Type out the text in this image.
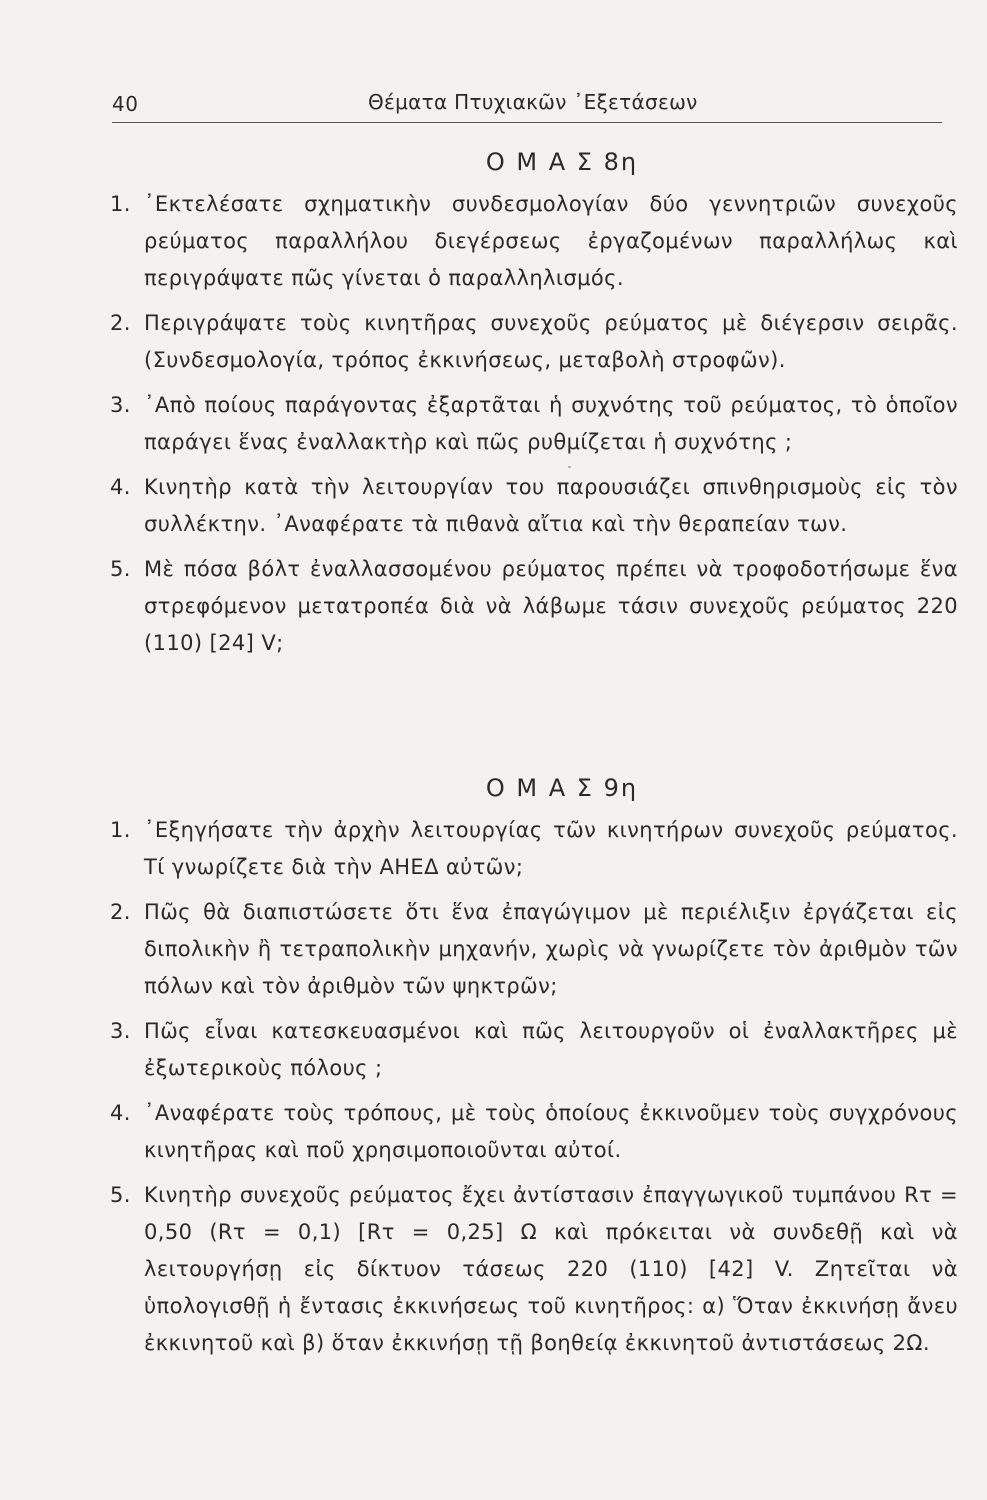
40	Θέματα Πτυχιακῶν ᾿Εξετάσεων
Ο Μ Α Σ 8η
1. ᾿Εκτελέσατε σχηματικὴν συνδεσμολογίαν δύο γεννητριῶν συνεχοῦς ρεύματος παραλλήλου διεγέρσεως ἐργαζομένων παραλλήλως καὶ περιγράψατε πῶς γίνεται ὁ παραλληλισμός.
2. Περιγράψατε τοὺς κινητῆρας συνεχοῦς ρεύματος μὲ διέγερσιν σειρᾶς. (Συνδεσμολογία, τρόπος ἐκκινήσεως, μεταβολὴ στροφῶν).
3. ᾿Απὸ ποίους παράγοντας ἐξαρτᾶται ἡ συχνότης τοῦ ρεύματος, τὸ ὁποῖον παράγει ἕνας ἐναλλακτὴρ καὶ πῶς ρυθμίζεται ἡ συχνότης ;
4. Κινητὴρ κατὰ τὴν λειτουργίαν του παρουσιάζει σπινθηρισμοὺς εἰς τὸν συλλέκτην. ᾿Αναφέρατε τὰ πιθανὰ αἴτια καὶ τὴν θεραπείαν των.
5. Μὲ πόσα βόλτ ἐναλλασσομένου ρεύματος πρέπει νὰ τροφοδοτήσωμε ἕνα στρεφόμενον μετατροπέα διὰ νὰ λάβωμε τάσιν συνεχοῦς ρεύματος 220 (110) [24] V;
Ο Μ Α Σ 9η
1. ᾿Εξηγήσατε τὴν ἀρχὴν λειτουργίας τῶν κινητήρων συνεχοῦς ρεύματος. Τί γνωρίζετε διὰ τὴν ΑΗΕΔ αὐτῶν;
2. Πῶς θὰ διαπιστώσετε ὅτι ἕνα ἐπαγώγιμον μὲ περιέλιξιν ἐργάζεται εἰς διπολικὴν ἢ τετραπολικὴν μηχανήν, χωρὶς νὰ γνωρίζετε τὸν ἀριθμὸν τῶν πόλων καὶ τὸν ἀριθμὸν τῶν ψηκτρῶν;
3. Πῶς εἶναι κατεσκευασμένοι καὶ πῶς λειτουργοῦν οἱ ἐναλλακτῆρες μὲ ἐξωτερικοὺς πόλους ;
4. ᾿Αναφέρατε τοὺς τρόπους, μὲ τοὺς ὁποίους ἐκκινοῦμεν τοὺς συγχρόνους κινητῆρας καὶ ποῦ χρησιμοποιοῦνται αὐτοί.
5. Κινητὴρ συνεχοῦς ρεύματος ἔχει ἀντίστασιν ἐπαγγωγικοῦ τυμπάνου Rτ = 0,50 (Rτ = 0,1) [Rτ = 0,25] Ω καὶ πρόκειται νὰ συνδεθῇ καὶ νὰ λειτουργήσῃ εἰς δίκτυον τάσεως 220 (110) [42] V. Ζητεῖται νὰ ὑπολογισθῇ ἡ ἔντασις ἐκκινήσεως τοῦ κινητῆρος: α) Ὅταν ἐκκινήσῃ ἄνευ ἐκκινητοῦ καὶ β) ὅταν ἐκκινήσῃ τῇ βοηθείᾳ ἐκκινητοῦ ἀντιστάσεως 2Ω.
